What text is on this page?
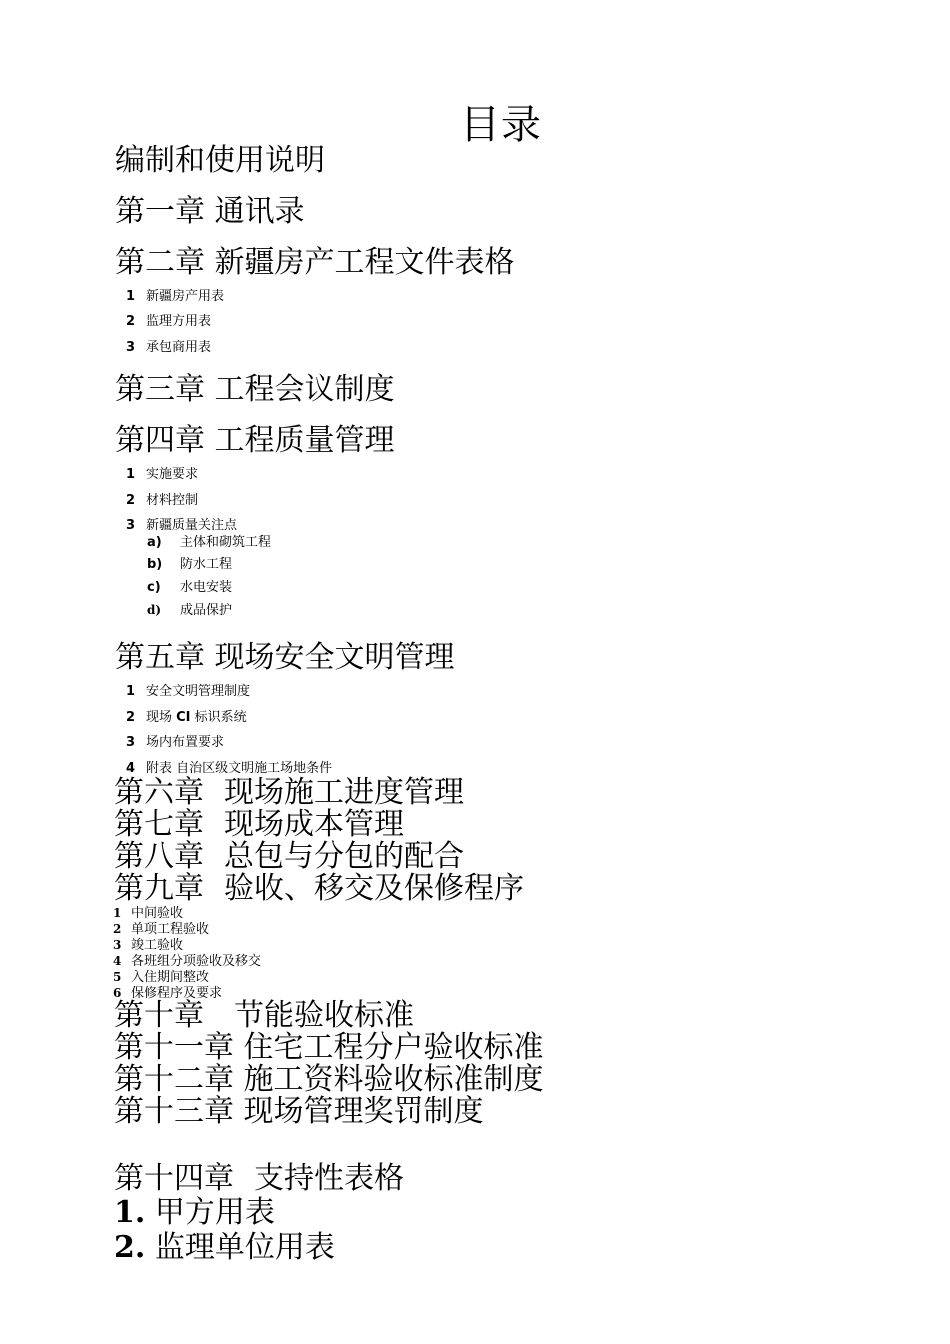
目录
编制和使用说明
第一章 通讯录
第二章 新疆房产工程文件表格
1 新疆房产用表
2 监理方用表
3 承包商用表
第三章 工程会议制度
第四章 工程质量管理
1 实施要求
2 材料控制
3 新疆质量关注点
a) 主体和砌筑工程
b) 防水工程
c) 水电安装
d) 成品保护
第五章 现场安全文明管理
1 安全文明管理制度
2 现场 CI 标识系统
3 场内布置要求
4 附表 自治区级文明施工场地条件
第六章 现场施工进度管理
第七章 现场成本管理
第八章 总包与分包的配合
第九章 验收、移交及保修程序
1 中间验收
2 单项工程验收
3 竣工验收
4 各班组分项验收及移交
5 入住期间整改
6 保修程序及要求
第十章 节能验收标准
第十一章 住宅工程分户验收标准
第十二章 施工资料验收标准制度
第十三章 现场管理奖罚制度
第十四章 支持性表格
1. 甲方用表
2. 监理单位用表
